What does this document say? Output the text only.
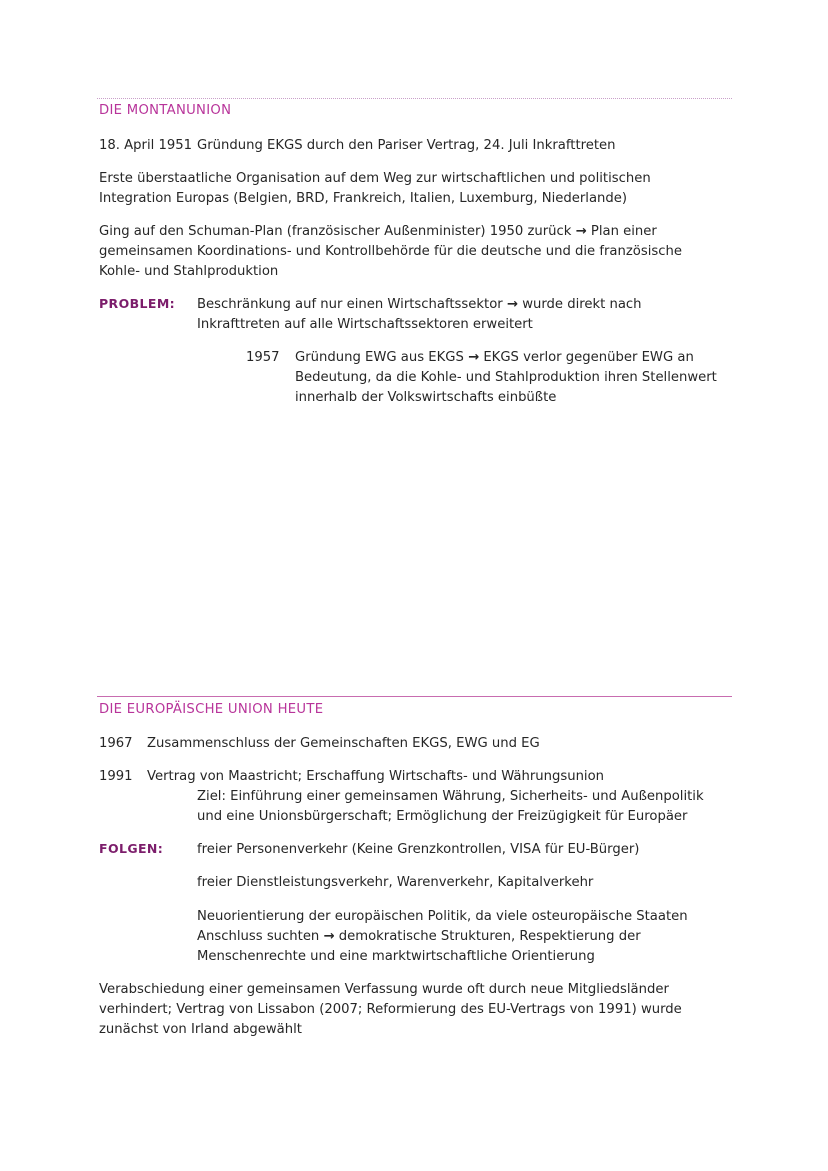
DIE MONTANUNION
18. April 1951 Gründung EKGS durch den Pariser Vertrag, 24. Juli Inkrafttreten
Erste überstaatliche Organisation auf dem Weg zur wirtschaftlichen und politischen
Integration Europas (Belgien, BRD, Frankreich, Italien, Luxemburg, Niederlande)
Ging auf den Schuman-Plan (französischer Außenminister) 1950 zurück → Plan einer
gemeinsamen Koordinations- und Kontrollbehörde für die deutsche und die französische
Kohle- und Stahlproduktion
PROBLEM: Beschränkung auf nur einen Wirtschaftssektor → wurde direkt nach
Inkrafttreten auf alle Wirtschaftssektoren erweitert
1957 Gründung EWG aus EKGS → EKGS verlor gegenüber EWG an
Bedeutung, da die Kohle- und Stahlproduktion ihren Stellenwert
innerhalb der Volkswirtschafts einbüßte
DIE EUROPÄISCHE UNION HEUTE
1967 Zusammenschluss der Gemeinschaften EKGS, EWG und EG
1991 Vertrag von Maastricht; Erschaffung Wirtschafts- und Währungsunion
Ziel: Einführung einer gemeinsamen Währung, Sicherheits- und Außenpolitik
und eine Unionsbürgerschaft; Ermöglichung der Freizügigkeit für Europäer
FOLGEN:	freier Personenverkehr (Keine Grenzkontrollen, VISA für EU-Bürger)
freier Dienstleistungsverkehr, Warenverkehr, Kapitalverkehr
Neuorientierung der europäischen Politik, da viele osteuropäische Staaten
Anschluss suchten → demokratische Strukturen, Respektierung der
Menschenrechte und eine marktwirtschaftliche Orientierung
Verabschiedung einer gemeinsamen Verfassung wurde oft durch neue Mitgliedsländer
verhindert; Vertrag von Lissabon (2007; Reformierung des EU-Vertrags von 1991) wurde
zunächst von Irland abgewählt
